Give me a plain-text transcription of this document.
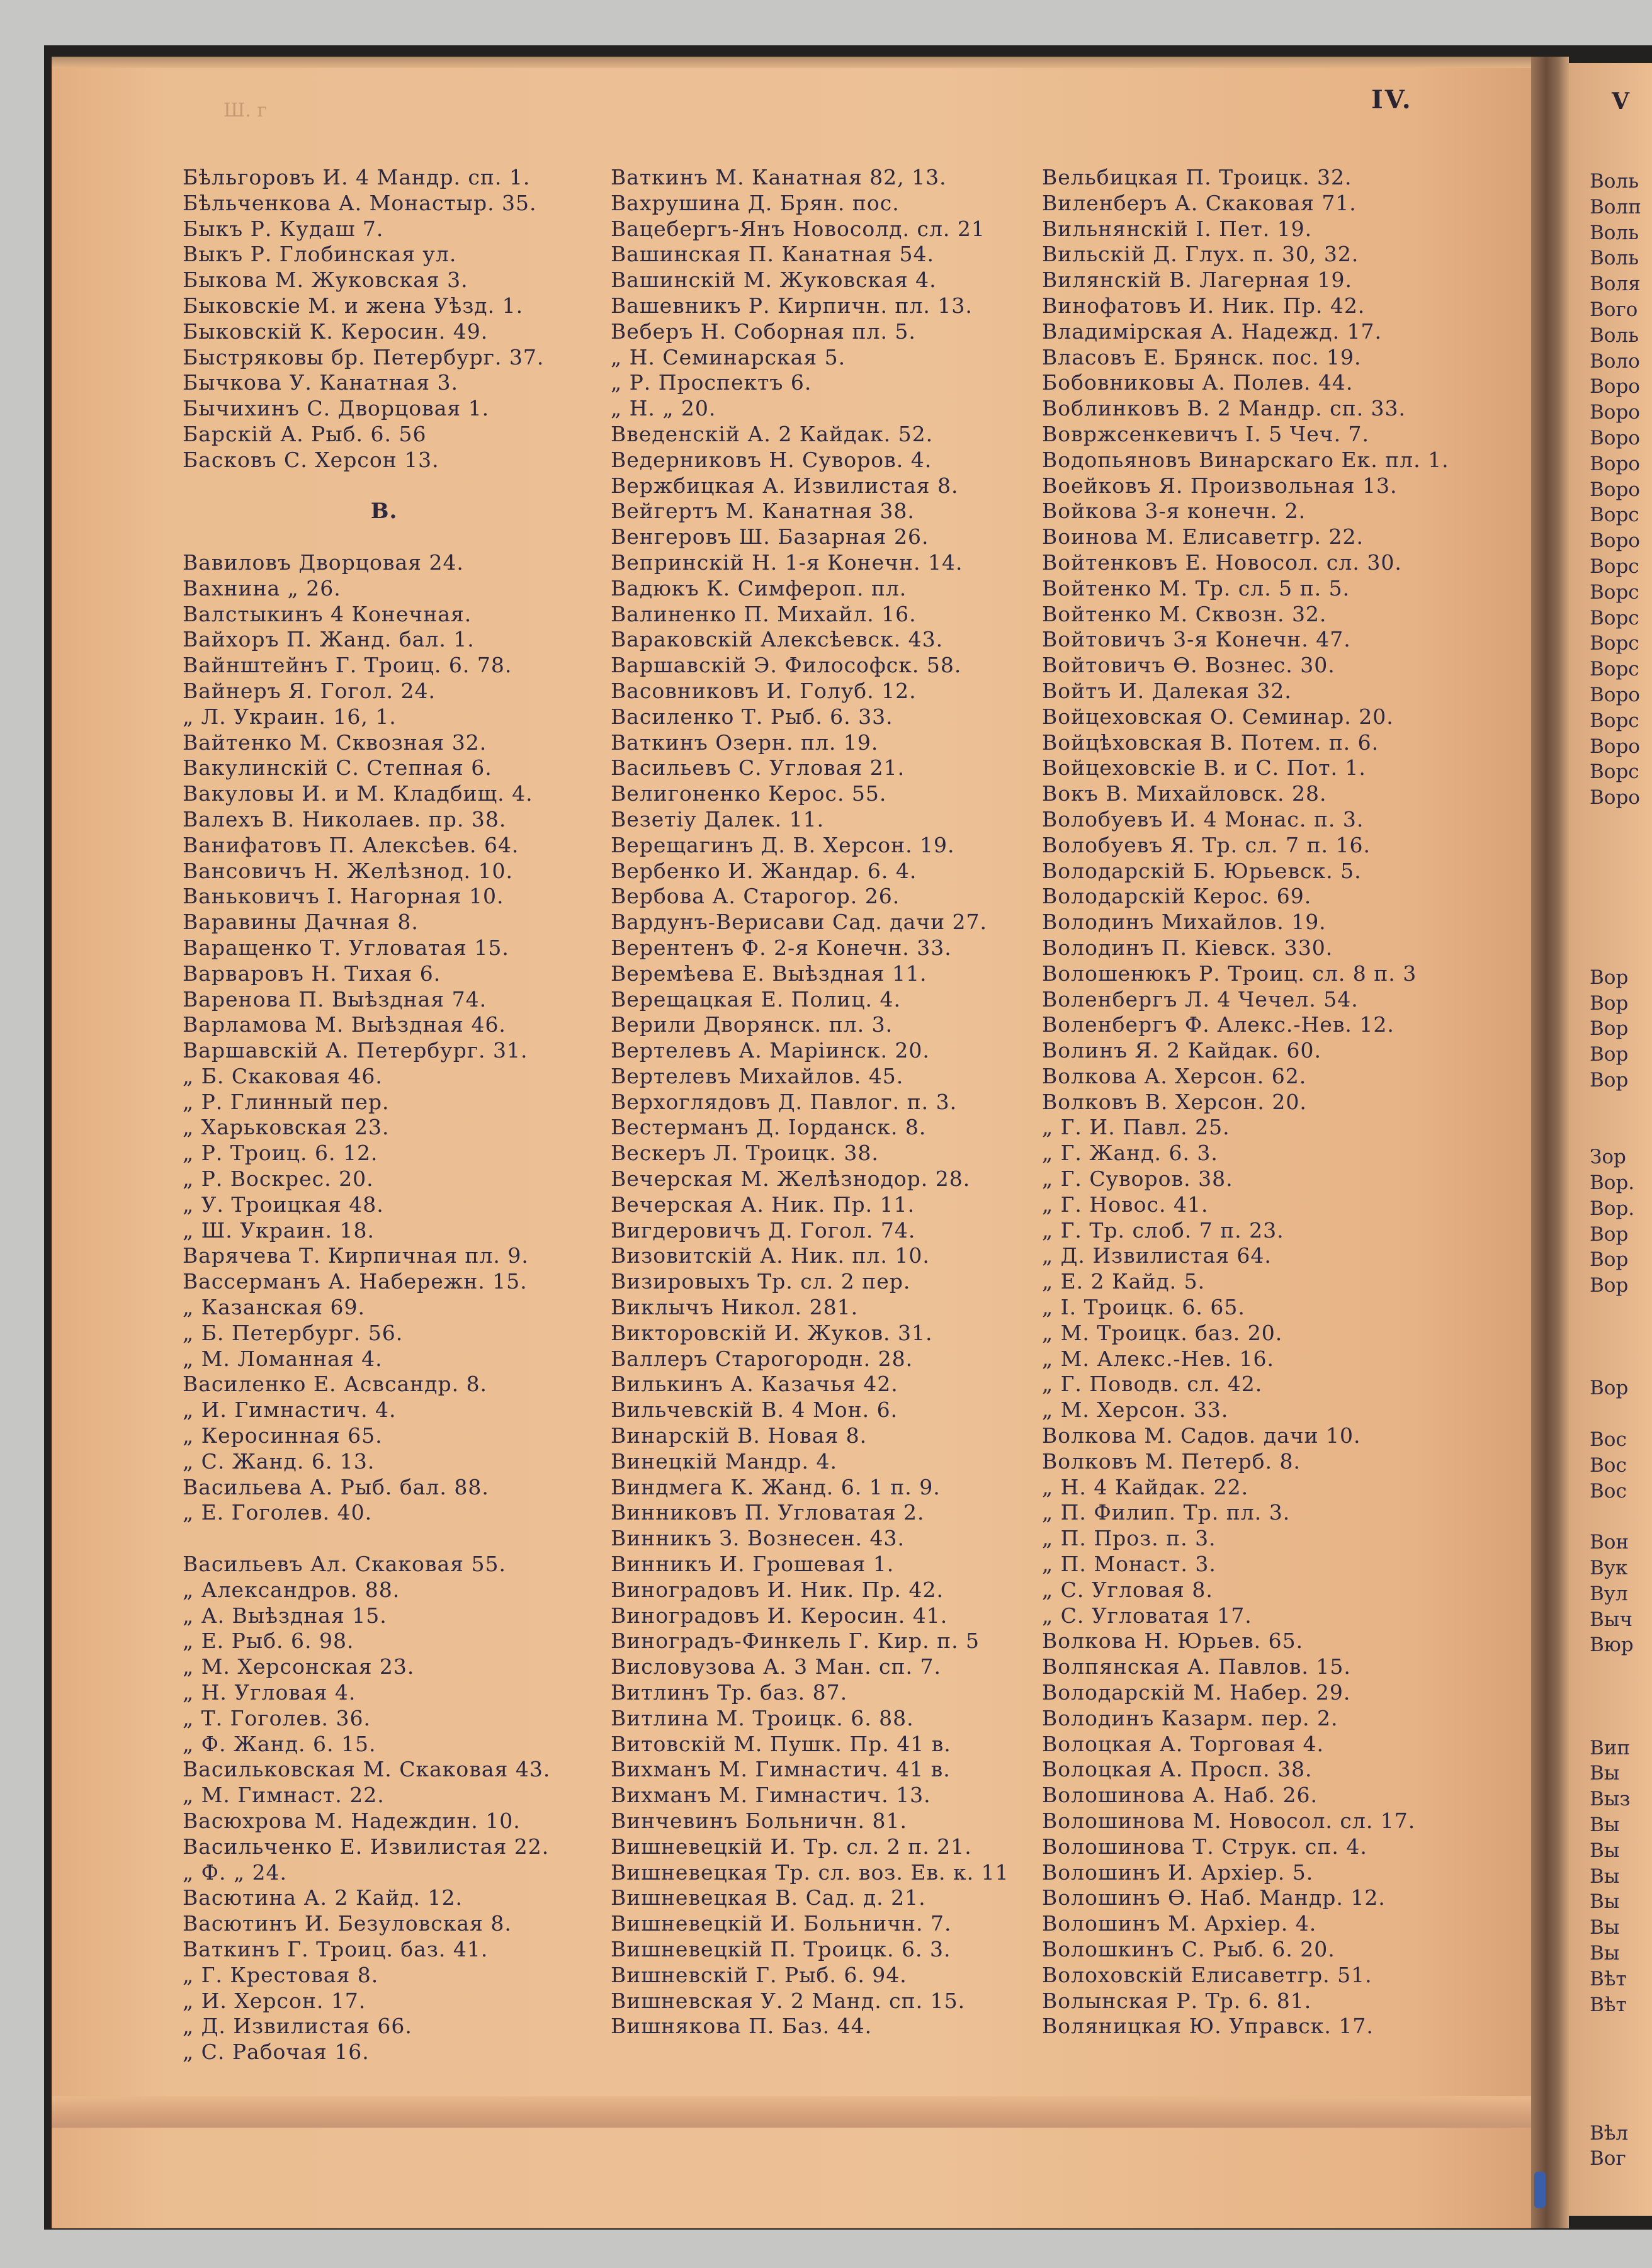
Ш. г	IV.	V
Бѣльгоровъ И. 4 Мандр. сп. 1.
Бѣльченкова А. Монастыр. 35.
Быкъ Р. Кудаш 7.
Выкъ Р. Глобинская ул.
Быкова М. Жуковская 3.
Быковскіе М. и жена Уѣзд. 1.
Быковскій К. Керосин. 49.
Быстряковы бр. Петербург. 37.
Бычкова У. Канатная 3.
Бычихинъ С. Дворцовая 1.
Барскій А. Рыб. 6. 56
Басковъ С. Херсон 13.
В.
Вавиловъ Дворцовая 24.
Вахнина „ 26.
Валстыкинъ 4 Конечная.
Вайхоръ П. Жанд. бал. 1.
Вайнштейнъ Г. Троиц. 6. 78.
Вайнеръ Я. Гогол. 24.
„ Л. Украин. 16, 1.
Вайтенко М. Сквозная 32.
Вакулинскій С. Степная 6.
Вакуловы И. и М. Кладбищ. 4.
Валехъ В. Николаев. пр. 38.
Ванифатовъ П. Алексѣев. 64.
Вансовичъ Н. Желѣзнод. 10.
Ваньковичъ І. Нагорная 10.
Варавины Дачная 8.
Варащенко Т. Угловатая 15.
Варваровъ Н. Тихая 6.
Варенова П. Выѣздная 74.
Варламова М. Выѣздная 46.
Варшавскій А. Петербург. 31.
„ Б. Скаковая 46.
„ Р. Глинный пер.
„ Харьковская 23.
„ Р. Троиц. 6. 12.
„ Р. Воскрес. 20.
„ У. Троицкая 48.
„ Ш. Украин. 18.
Варячева Т. Кирпичная пл. 9.
Вассерманъ А. Набережн. 15.
„ Казанская 69.
„ Б. Петербург. 56.
„ М. Ломанная 4.
Василенко Е. Асвсандр. 8.
„ И. Гимнастич. 4.
„ Керосинная 65.
„ С. Жанд. 6. 13.
Васильева А. Рыб. бал. 88.
„ Е. Гоголев. 40.
Васильевъ Ал. Скаковая 55.
„ Александров. 88.
„ А. Выѣздная 15.
„ Е. Рыб. 6. 98.
„ М. Херсонская 23.
„ Н. Угловая 4.
„ Т. Гоголев. 36.
„ Ф. Жанд. 6. 15.
Васильковская М. Скаковая 43.
„ М. Гимнаст. 22.
Васюхрова М. Надеждин. 10.
Васильченко Е. Извилистая 22.
„ Ф. „ 24.
Васютина А. 2 Кайд. 12.
Васютинъ И. Безуловская 8.
Ваткинъ Г. Троиц. баз. 41.
„ Г. Крестовая 8.
„ И. Херсон. 17.
„ Д. Извилистая 66.
„ С. Рабочая 16.
Ваткинъ М. Канатная 82, 13.
Вахрушина Д. Брян. пос.
Вацебергъ-Янъ Новосолд. сл. 21
Вашинская П. Канатная 54.
Вашинскій М. Жуковская 4.
Вашевникъ Р. Кирпичн. пл. 13.
Веберъ Н. Соборная пл. 5.
„ Н. Семинарская 5.
„ Р. Проспектъ 6.
„ Н. „ 20.
Введенскій А. 2 Кайдак. 52.
Ведерниковъ Н. Суворов. 4.
Вержбицкая А. Извилистая 8.
Вейгертъ М. Канатная 38.
Венгеровъ Ш. Базарная 26.
Вепринскій Н. 1-я Конечн. 14.
Вадюкъ К. Симфероп. пл.
Валиненко П. Михайл. 16.
Вараковскій Алексѣевск. 43.
Варшавскій Э. Философск. 58.
Васовниковъ И. Голуб. 12.
Василенко Т. Рыб. 6. 33.
Ваткинъ Озерн. пл. 19.
Васильевъ С. Угловая 21.
Велигоненко Керос. 55.
Везетіу Далек. 11.
Верещагинъ Д. В. Херсон. 19.
Вербенко И. Жандар. 6. 4.
Вербова А. Старогор. 26.
Вардунъ-Верисави Сад. дачи 27.
Верентенъ Ф. 2-я Конечн. 33.
Веремѣева Е. Выѣздная 11.
Верещацкая Е. Полиц. 4.
Верили Дворянск. пл. 3.
Вертелевъ А. Маріинск. 20.
Вертелевъ Михайлов. 45.
Верхоглядовъ Д. Павлог. п. 3.
Вестерманъ Д. Іорданск. 8.
Вескеръ Л. Троицк. 38.
Вечерская М. Желѣзнодор. 28.
Вечерская А. Ник. Пр. 11.
Вигдеровичъ Д. Гогол. 74.
Визовитскій А. Ник. пл. 10.
Визировыхъ Тр. сл. 2 пер.
Виклычъ Никол. 281.
Викторовскій И. Жуков. 31.
Валлеръ Старогородн. 28.
Вилькинъ А. Казачья 42.
Вильчевскій В. 4 Мон. 6.
Винарскій В. Новая 8.
Винецкій Мандр. 4.
Виндмега К. Жанд. 6. 1 п. 9.
Винниковъ П. Угловатая 2.
Винникъ З. Вознесен. 43.
Винникъ И. Грошевая 1.
Виноградовъ И. Ник. Пр. 42.
Виноградовъ И. Керосин. 41.
Виноградъ-Финкель Г. Кир. п. 5
Висловузова А. 3 Ман. сп. 7.
Витлинъ Тр. баз. 87.
Витлина М. Троицк. 6. 88.
Витовскій М. Пушк. Пр. 41 в.
Вихманъ М. Гимнастич. 41 в.
Вихманъ М. Гимнастич. 13.
Винчевинъ Больничн. 81.
Вишневецкій И. Тр. сл. 2 п. 21.
Вишневецкая Тр. сл. воз. Ев. к. 11
Вишневецкая В. Сад. д. 21.
Вишневецкій И. Больничн. 7.
Вишневецкій П. Троицк. 6. 3.
Вишневскій Г. Рыб. 6. 94.
Вишневская У. 2 Манд. сп. 15.
Вишнякова П. Баз. 44.
Вельбицкая П. Троицк. 32.
Виленберъ А. Скаковая 71.
Вильнянскій І. Пет. 19.
Вильскій Д. Глух. п. 30, 32.
Вилянскій В. Лагерная 19.
Винофатовъ И. Ник. Пр. 42.
Владимірская А. Надежд. 17.
Власовъ Е. Брянск. пос. 19.
Бобовниковы А. Полев. 44.
Воблинковъ В. 2 Мандр. сп. 33.
Вовржсенкевичъ І. 5 Чеч. 7.
Водопьяновъ Винарскаго Ек. пл. 1.
Воейковъ Я. Произвольная 13.
Войкова 3-я конечн. 2.
Воинова М. Елисаветгр. 22.
Войтенковъ Е. Новосол. сл. 30.
Войтенко М. Тр. сл. 5 п. 5.
Войтенко М. Сквозн. 32.
Войтовичъ 3-я Конечн. 47.
Войтовичъ Ѳ. Вознес. 30.
Войтъ И. Далекая 32.
Войцеховская О. Семинар. 20.
Войцѣховская В. Потем. п. 6.
Войцеховскіе В. и С. Пот. 1.
Вокъ В. Михайловск. 28.
Волобуевъ И. 4 Монас. п. 3.
Волобуевъ Я. Тр. сл. 7 п. 16.
Володарскій Б. Юрьевск. 5.
Володарскій Керос. 69.
Володинъ Михайлов. 19.
Володинъ П. Кіевск. 330.
Волошенюкъ Р. Троиц. сл. 8 п. 3
Воленбергъ Л. 4 Чечел. 54.
Воленбергъ Ф. Алекс.-Нев. 12.
Волинъ Я. 2 Кайдак. 60.
Волкова А. Херсон. 62.
Волковъ В. Херсон. 20.
„ Г. И. Павл. 25.
„ Г. Жанд. 6. 3.
„ Г. Суворов. 38.
„ Г. Новос. 41.
„ Г. Тр. слоб. 7 п. 23.
„ Д. Извилистая 64.
„ Е. 2 Кайд. 5.
„ І. Троицк. 6. 65.
„ М. Троицк. баз. 20.
„ М. Алекс.-Нев. 16.
„ Г. Поводв. сл. 42.
„ М. Херсон. 33.
Волкова М. Садов. дачи 10.
Волковъ М. Петерб. 8.
„ Н. 4 Кайдак. 22.
„ П. Филип. Тр. пл. 3.
„ П. Проз. п. 3.
„ П. Монаст. 3.
„ С. Угловая 8.
„ С. Угловатая 17.
Волкова Н. Юрьев. 65.
Волпянская А. Павлов. 15.
Володарскій М. Набер. 29.
Володинъ Казарм. пер. 2.
Волоцкая А. Торговая 4.
Волоцкая А. Просп. 38.
Волошинова А. Наб. 26.
Волошинова М. Новосол. сл. 17.
Волошинова Т. Струк. сп. 4.
Волошинъ И. Архіер. 5.
Волошинъ Ѳ. Наб. Мандр. 12.
Волошинъ М. Архіер. 4.
Волошкинъ С. Рыб. 6. 20.
Волоховскій Елисаветгр. 51.
Волынская Р. Тр. 6. 81.
Воляницкая Ю. Управск. 17.
Воль
Волп
Воль
Воль
Воля
Вого
Воль
Воло
Воро
Воро
Воро
Воро
Воро
Ворс
Воро
Ворс
Ворс
Ворс
Ворс
Ворс
Воро
Ворс
Воро
Ворс
Воро
Вор
Вор
Вор
Вор
Вор
Зор
Вор.
Вор.
Вор
Вор
Вор
Вор
Вос
Вос
Вос
Вон
Вук
Вул
Выч
Вюр
Вип
Вы
Выз
Вы
Вы
Вы
Вы
Вы
Вы
Вѣт
Вѣт
Вѣл
Вог
